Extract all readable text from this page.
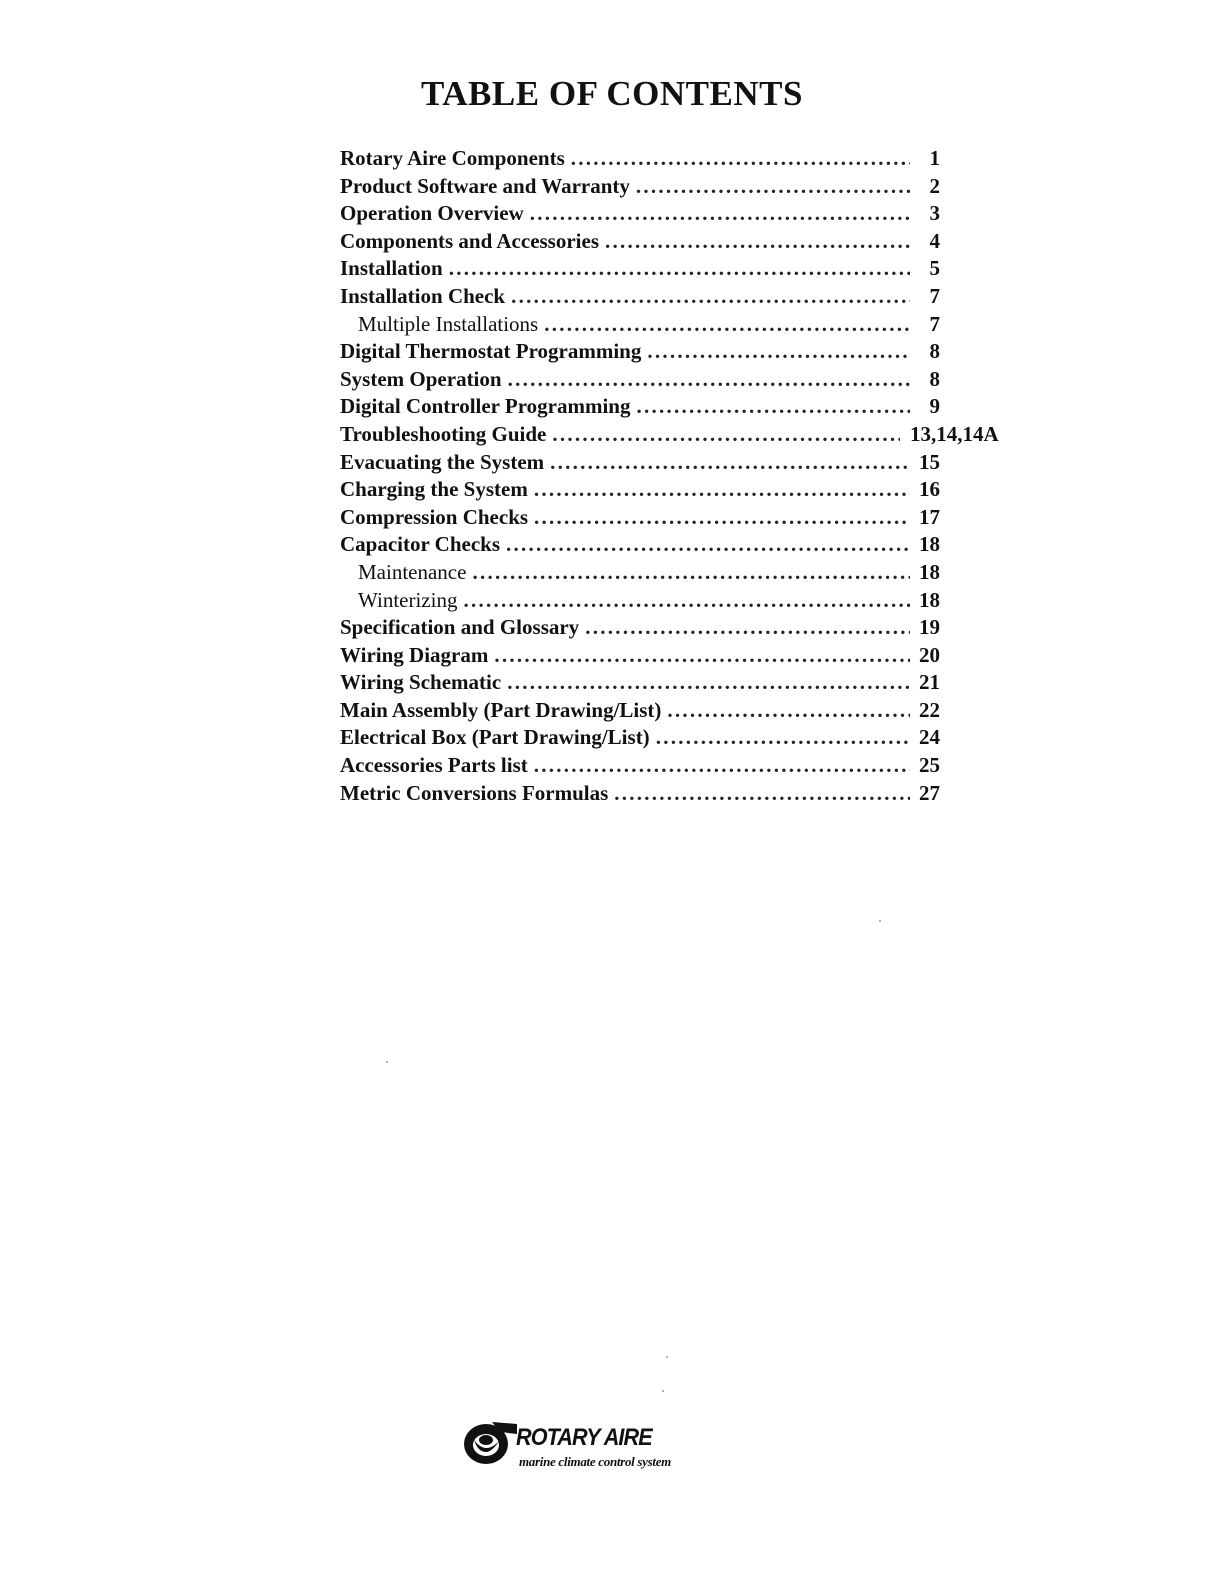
TABLE OF CONTENTS
Rotary Aire Components . . .	1
Product Software and Warranty . . .	2
Operation Overview . . .	3
Components and Accessories . . .	4
Installation . . .	5
Installation Check . . .	7
Multiple Installations . . .	7
Digital Thermostat Programming . . .	8
System Operation . . .	8
Digital Controller Programming . . .	9
Troubleshooting Guide . . .	13,14,14A
Evacuating the System . . .	15
Charging the System . . .	16
Compression Checks . . .	17
Capacitor Checks . . .	18
Maintenance . . .	18
Winterizing . . .	18
Specification and Glossary . . .	19
Wiring Diagram . . .	20
Wiring Schematic . . .	21
Main Assembly (Part Drawing/List) . . .	22
Electrical Box (Part Drawing/List) . . .	24
Accessories Parts list . . .	25
Metric Conversions Formulas . . .	27
ROTARY AIRE
marine climate control system
